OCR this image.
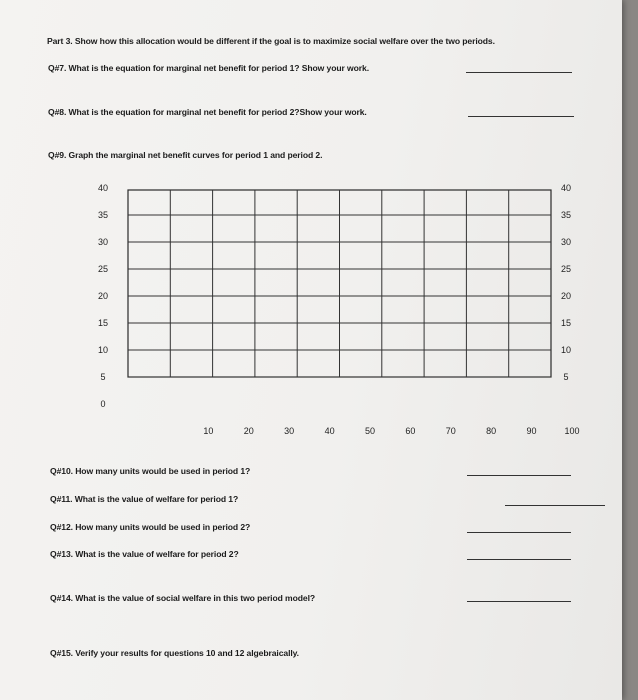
Part 3. Show how this allocation would be different if the goal is to maximize social welfare over the two periods.
Q#7. What is the equation for marginal net benefit for period 1? Show your work.
Q#8. What is the equation for marginal net benefit for period 2?Show your work.
Q#9. Graph the marginal net benefit curves for period 1 and period 2.
40
35
30
25
20
15
10
5
0
40
35
30
25
20
15
10
5
10	20	30	40	50	60	70	80	90	100
Q#10. How many units would be used in period 1?
Q#11. What is the value of welfare for period 1?
Q#12. How many units would be used in period 2?
Q#13. What is the value of welfare for period 2?
Q#14. What is the value of social welfare in this two period model?
Q#15. Verify your results for questions 10 and 12 algebraically.
